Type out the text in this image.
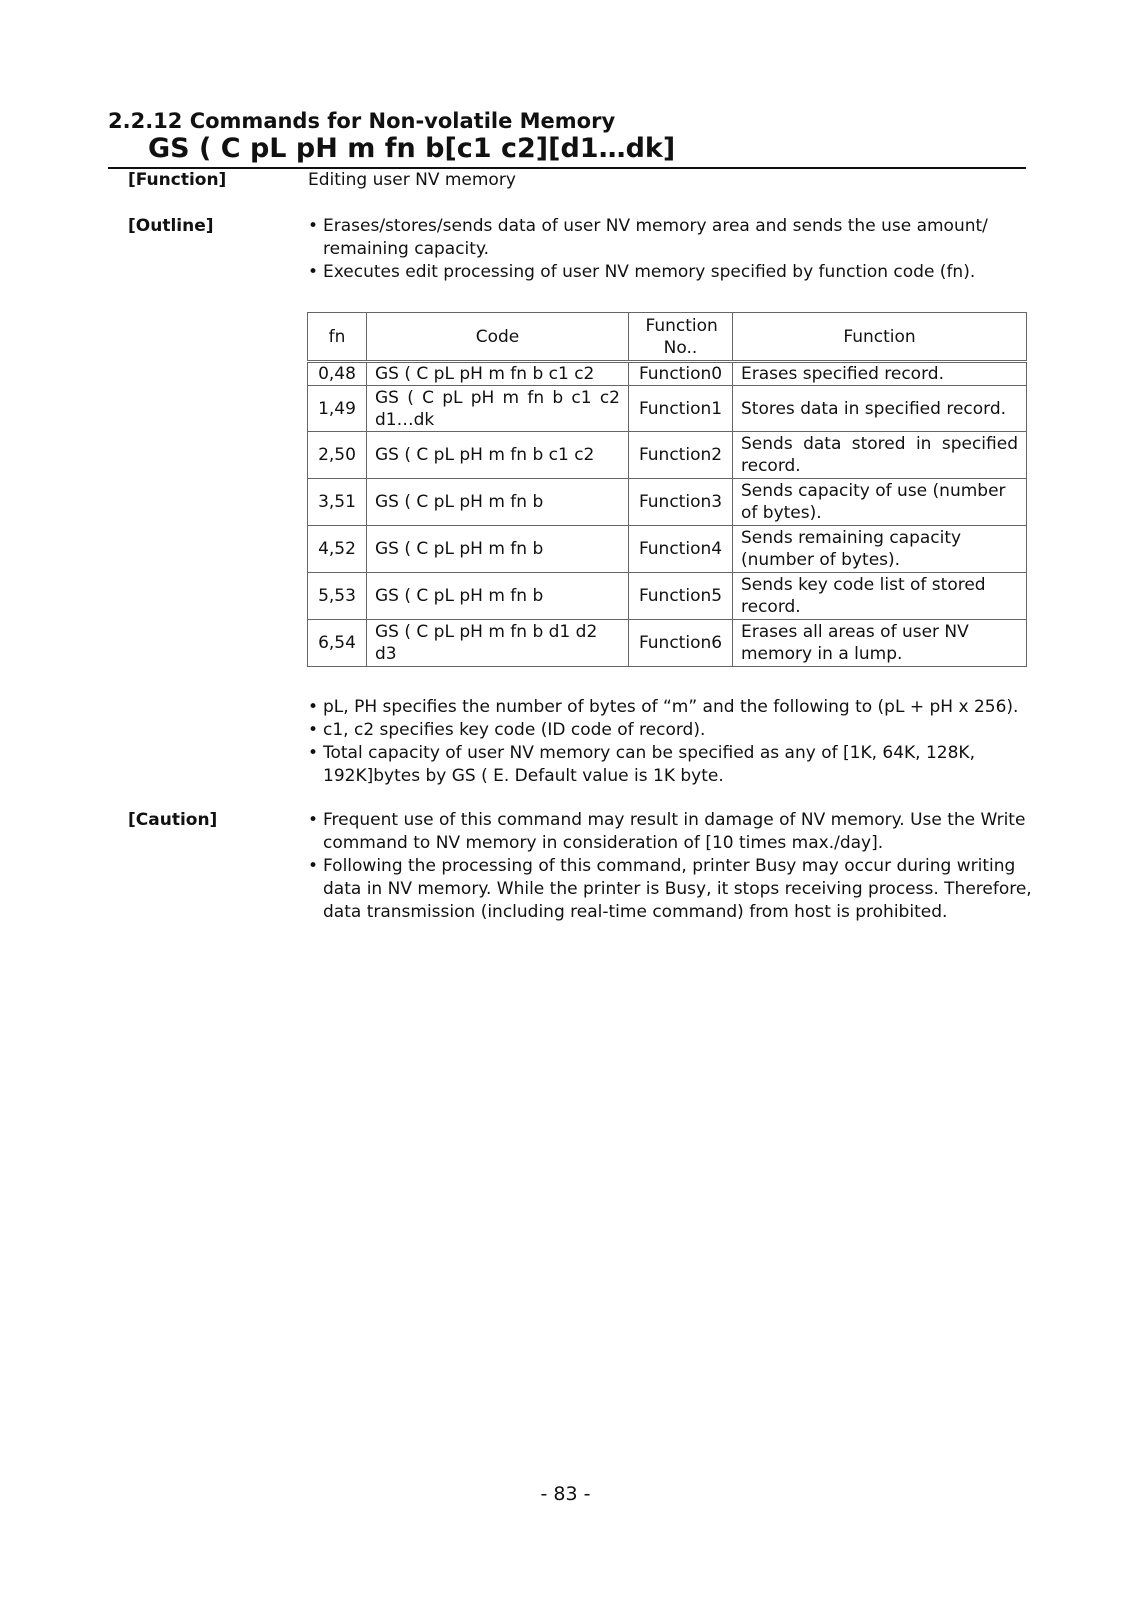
2.2.12 Commands for Non-volatile Memory
GS ( C pL pH m fn b[c1 c2][d1…dk]
[Function]	Editing user NV memory
[Outline]	• Erases/stores/sends data of user NV memory area and sends the use amount/
remaining capacity.
• Executes edit processing of user NV memory specified by function code (fn).
fn	Code	Function No..	Function
0,48	GS ( C pL pH m fn b c1 c2	Function0	Erases specified record.
1,49	GS ( C pL pH m fn b c1 c2 d1…dk	Function1	Stores data in specified record.
2,50	GS ( C pL pH m fn b c1 c2	Function2	Sends data stored in specified record.
3,51	GS ( C pL pH m fn b	Function3	Sends capacity of use (number of bytes).
4,52	GS ( C pL pH m fn b	Function4	Sends remaining capacity (number of bytes).
5,53	GS ( C pL pH m fn b	Function5	Sends key code list of stored record.
6,54	GS ( C pL pH m fn b d1 d2 d3	Function6	Erases all areas of user NV memory in a lump.
• pL, PH specifies the number of bytes of “m” and the following to (pL + pH x 256).
• c1, c2 specifies key code (ID code of record).
• Total capacity of user NV memory can be specified as any of [1K, 64K, 128K,
192K]bytes by GS ( E. Default value is 1K byte.
[Caution]	• Frequent use of this command may result in damage of NV memory. Use the Write
command to NV memory in consideration of [10 times max./day].
• Following the processing of this command, printer Busy may occur during writing
data in NV memory. While the printer is Busy, it stops receiving process. Therefore,
data transmission (including real-time command) from host is prohibited.
- 83 -
